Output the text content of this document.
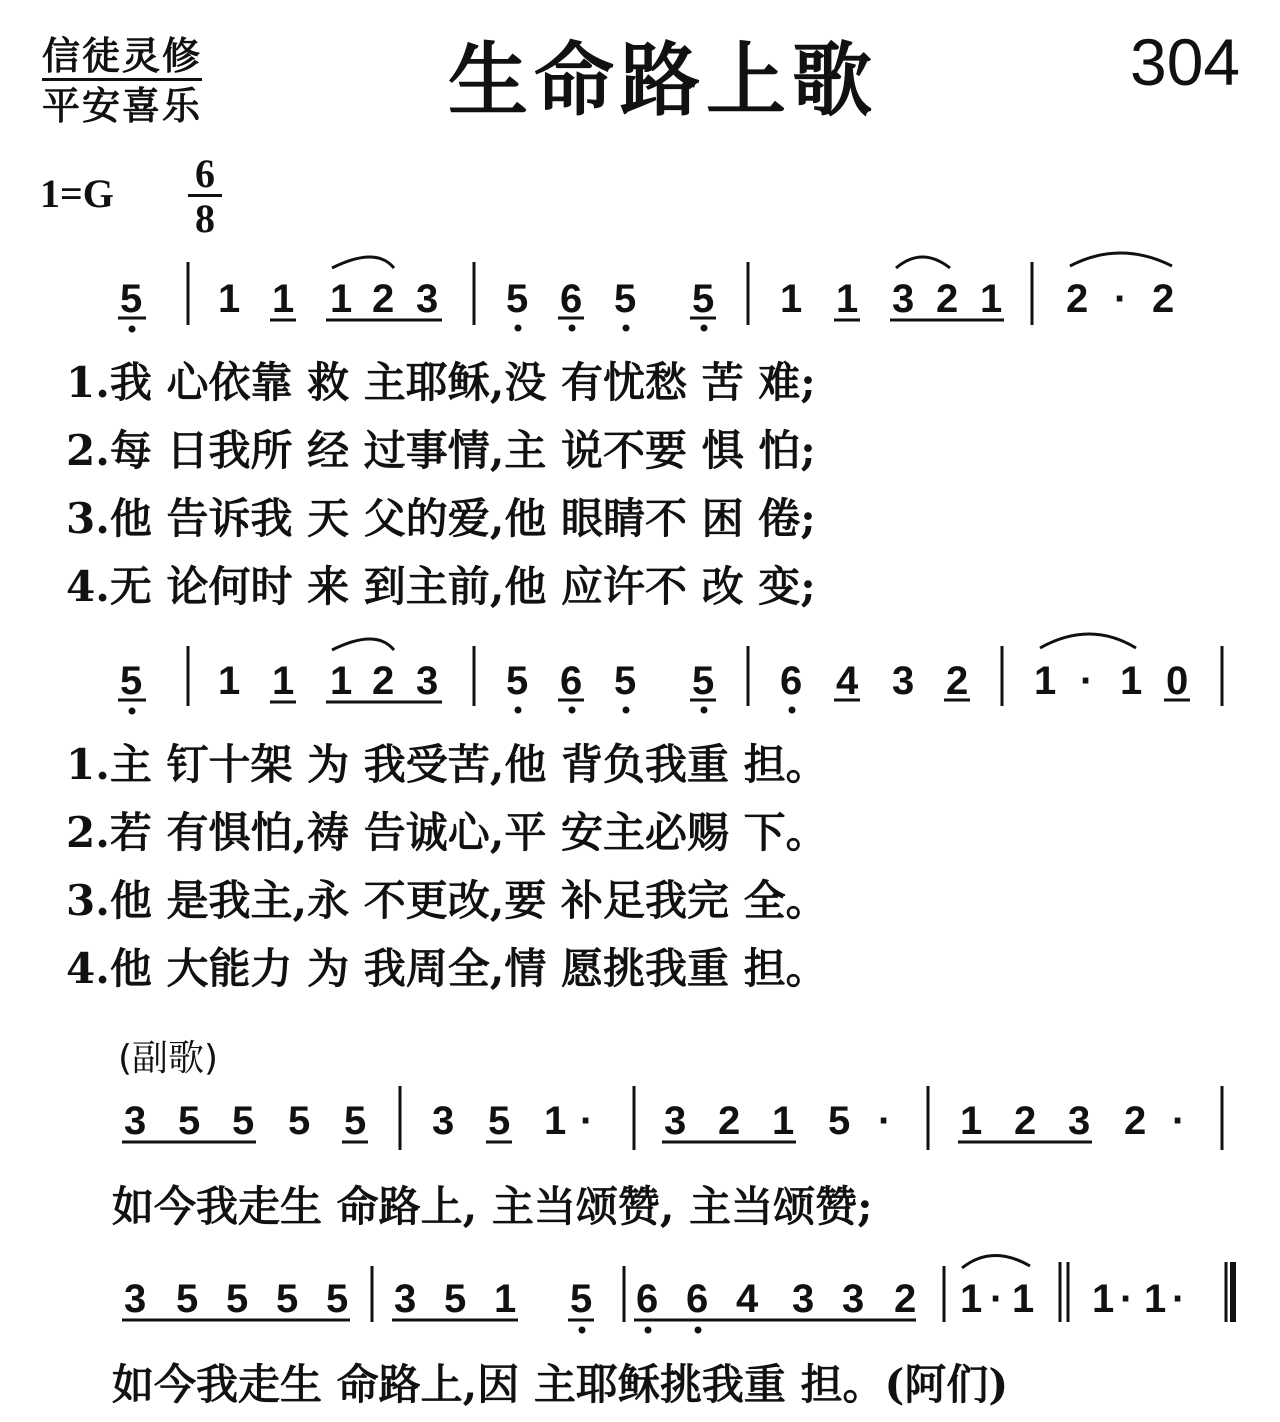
信徒灵修
平安喜乐	生命路上歌	304
$1=G \frac{6}{8}$
1.我 心依靠 救 主耶稣,没 有忧愁 苦 难;
2.每 日我所 经 过事情,主 说不要 惧 怕;
3.他 告诉我 天 父的爱,他 眼睛不 困 倦;
4.无 论何时 来 到主前,他 应许不 改 变;
1.主 钉十架 为 我受苦,他 背负我重 担。
2.若 有惧怕,祷 告诚心,平 安主必赐 下。
3.他 是我主,永 不更改,要 补足我完 全。
4.他 大能力 为 我周全,情 愿挑我重 担。
(副歌)
如今我走生 命路上, 主当颂赞, 主当颂赞;
如今我走生 命路上,因 主耶稣挑我重 担。(阿们)
5 1 1 1 2 3 5 6 5 5 1 1 3 2 1 2 · 2
5 1 1 1 2 3 5 6 5 5 6 4 3 2 1 · 1 0
3 5 5 5 5 3 5 1 · 3 2 1 5 · 1 2 3 2 ·
3 5 5 5 5 3 5 1 5 6 6 4 3 3 2 1 · 1 1 · 1 ·
